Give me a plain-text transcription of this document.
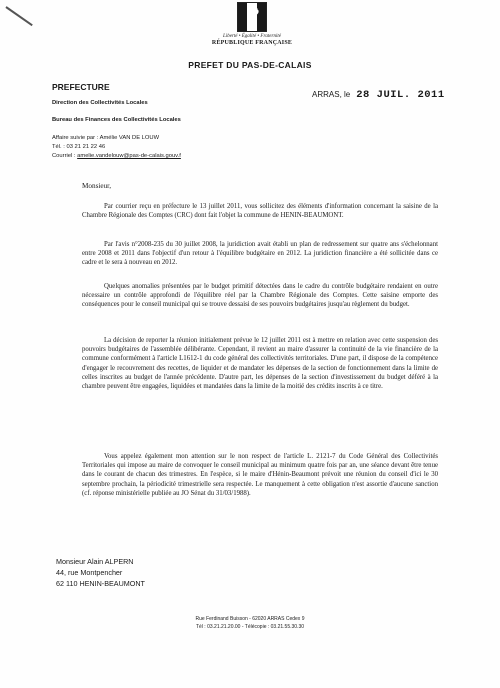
Liberté • Égalité • Fraternité
RÉPUBLIQUE FRANÇAISE
PREFET DU PAS-DE-CALAIS
PREFECTURE
ARRAS, le 28 JUIL. 2011
Direction des Collectivités Locales
Bureau des Finances des Collectivités Locales
Affaire suivie par : Amélie VAN DE LOUW
Tél. : 03 21 21 22 46
Courriel : amelie.vandelouw@pas-de-calais.gouv.f
Monsieur,

Par courrier reçu en préfecture le 13 juillet 2011, vous sollicitez des éléments d'information concernant la saisine de la Chambre Régionale des Comptes (CRC) dont fait l'objet la commune de HENIN-BEAUMONT.

Par l'avis n°2008-235 du 30 juillet 2008, la juridiction avait établi un plan de redressement sur quatre ans s'échelonnant entre 2008 et 2011 dans l'objectif d'un retour à l'équilibre budgétaire en 2012. La juridiction financière a été sollicitée dans ce cadre et le sera à nouveau en 2012.

Quelques anomalies présentées par le budget primitif détectées dans le cadre du contrôle budgétaire rendaient en outre nécessaire un contrôle approfondi de l'équilibre réel par la Chambre Régionale des Comptes. Cette saisine emporte des conséquences pour le conseil municipal qui se trouve dessaisi de ses pouvoirs budgétaires jusqu'au règlement du budget.

La décision de reporter la réunion initialement prévue le 12 juillet 2011 est à mettre en relation avec cette suspension des pouvoirs budgétaires de l'assemblée délibérante. Cependant, il revient au maire d'assurer la continuité de la vie financière de la commune conformément à l'article L1612-1 du code général des collectivités territoriales. D'une part, il dispose de la compétence d'engager le recouvrement des recettes, de liquider et de mandater les dépenses de la section de fonctionnement dans la limite de celles inscrites au budget de l'année précédente. D'autre part, les dépenses de la section d'investissement du budget déféré à la chambre peuvent être engagées, liquidées et mandatées dans la limite de la moitié des crédits inscrits à ce titre.

Vous appelez également mon attention sur le non respect de l'article L. 2121-7 du Code Général des Collectivités Territoriales qui impose au maire de convoquer le conseil municipal au minimum quatre fois par an, une séance devant être tenue dans le courant de chacun des trimestres. En l'espèce, si le maire d'Hénin-Beaumont prévoit une réunion du conseil d'ici le 30 septembre prochain, la périodicité trimestrielle sera respectée. Le manquement à cette obligation n'est assortie d'aucune sanction (cf. réponse ministérielle publiée au JO Sénat du 31/03/1988).

Monsieur Alain ALPERN
44, rue Montpencher
62 110 HENIN-BEAUMONT
Rue Ferdinand Buisson - 62020 ARRAS Cedex 9
Tél : 03.21.21.20.00 - Télécopie : 03.21.55.30.30
